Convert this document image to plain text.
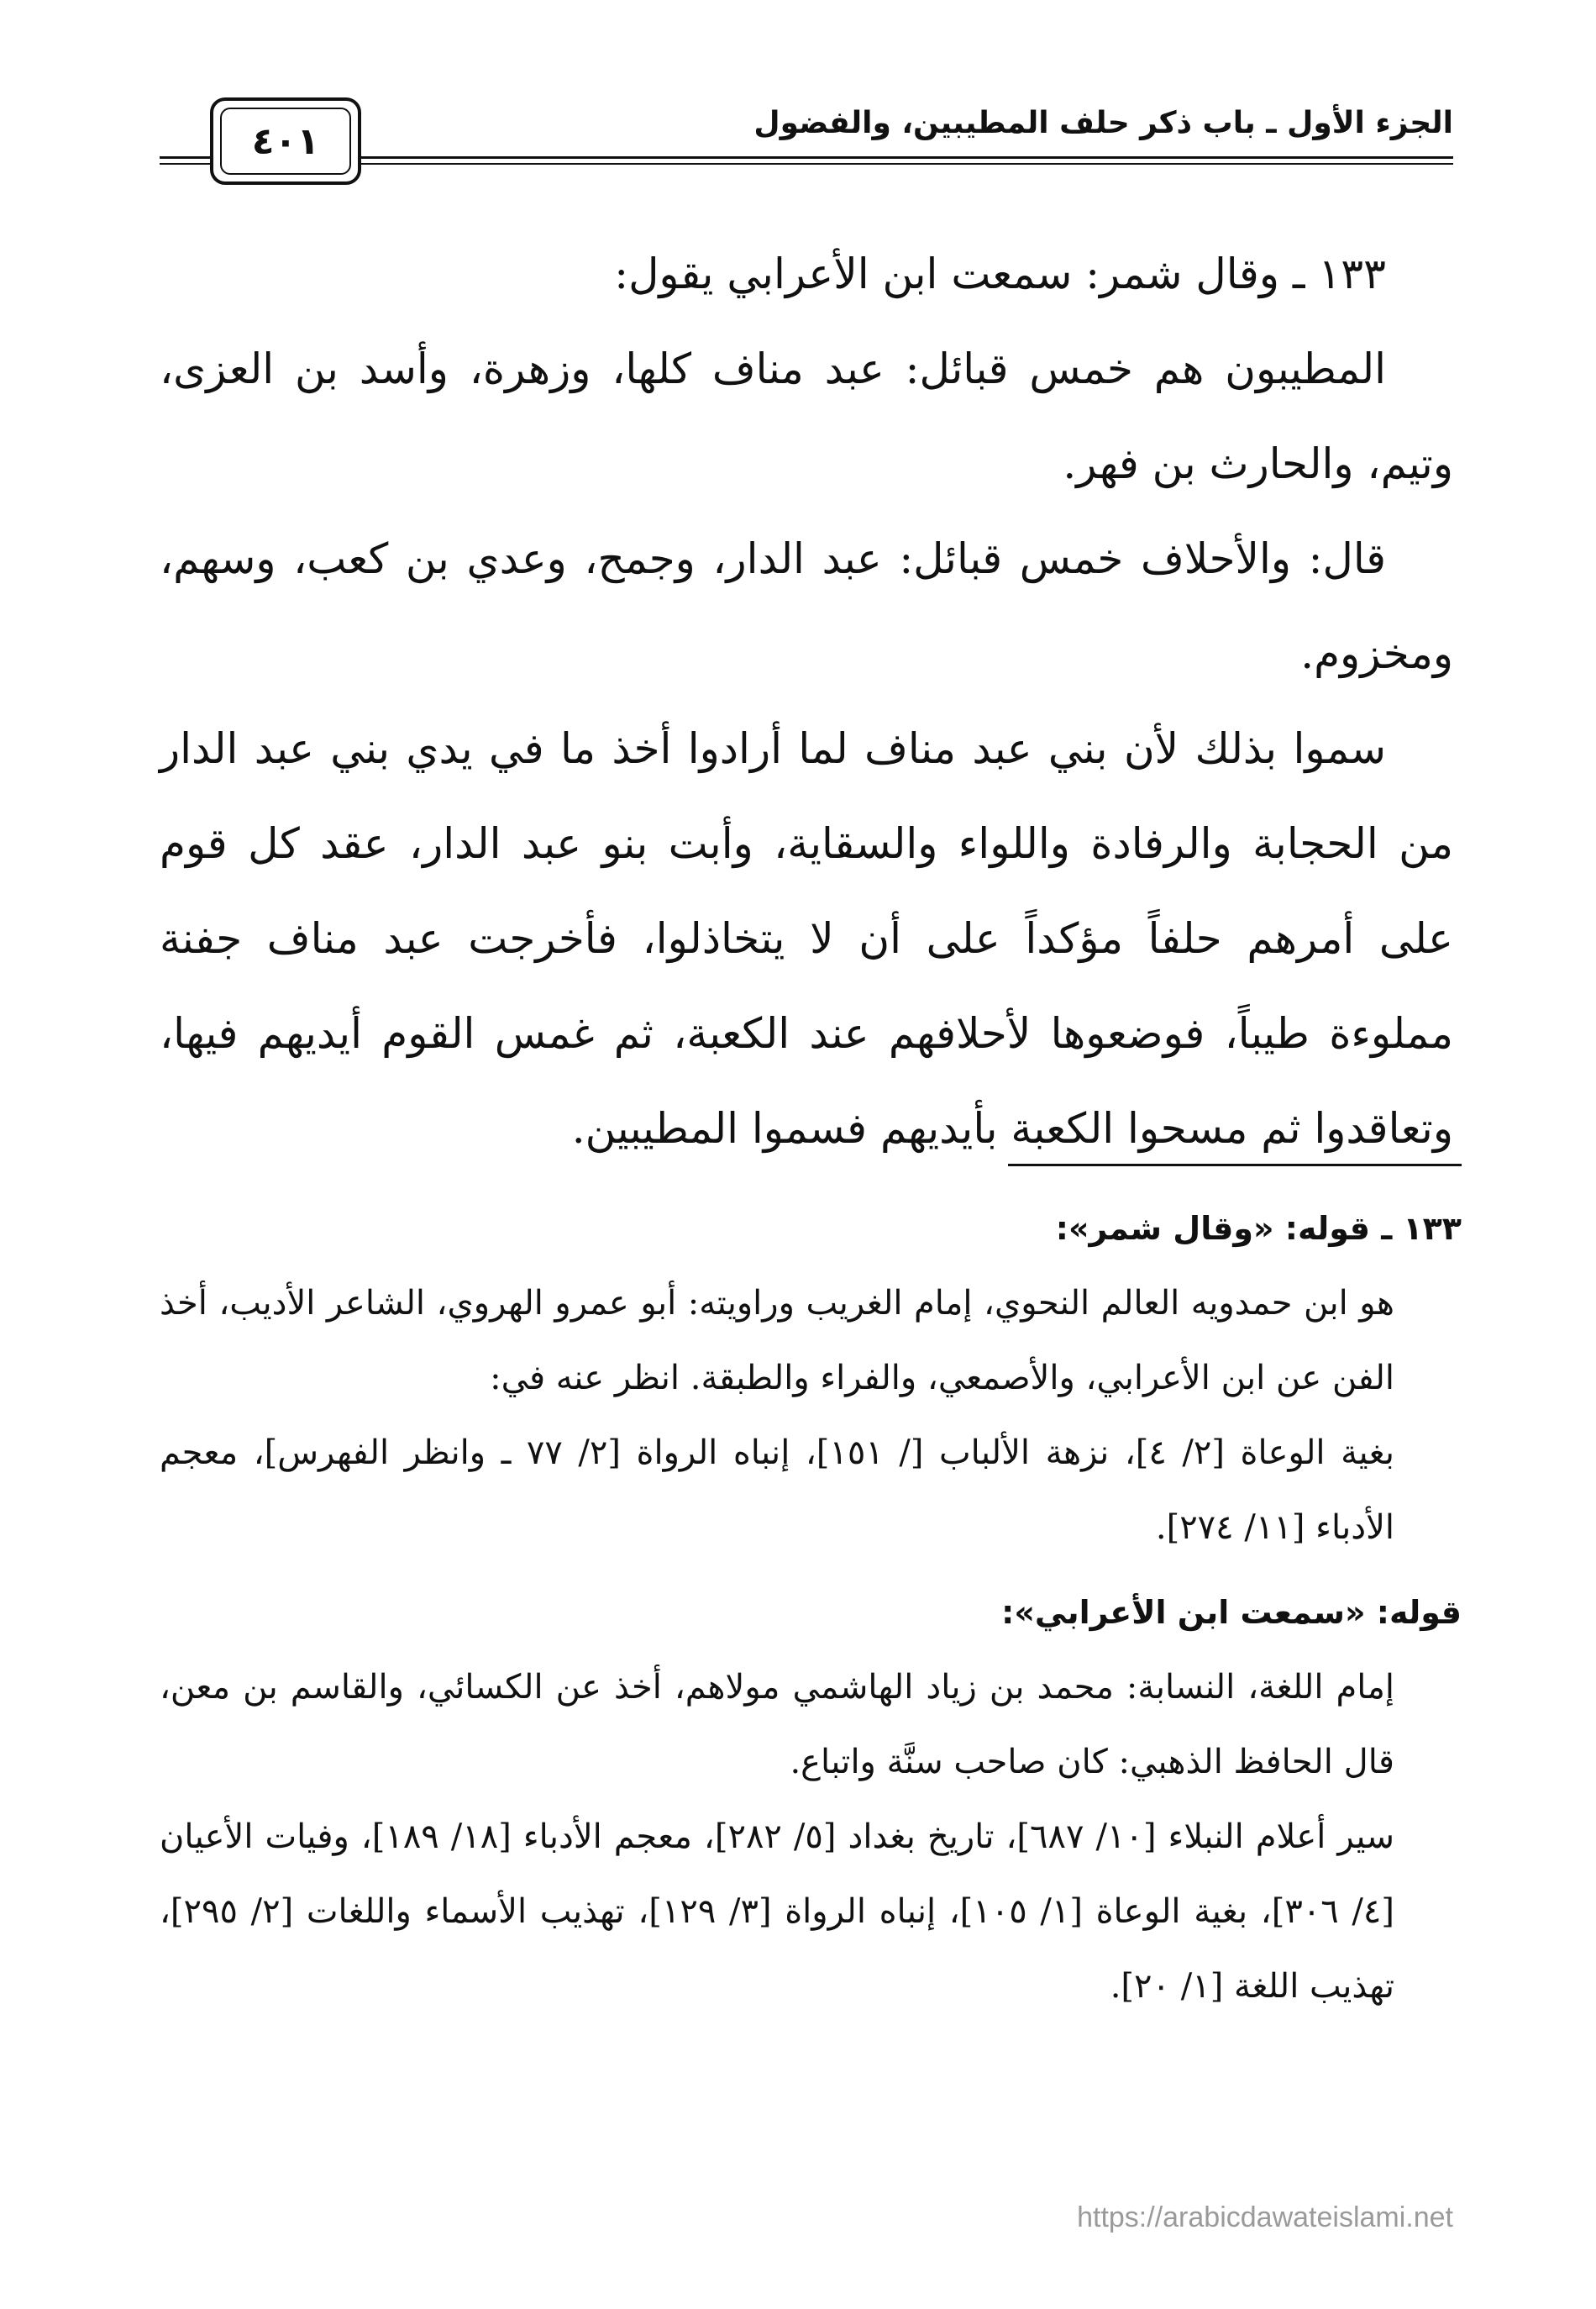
الجزء الأول ـ باب ذكر حلف المطيبين، والفضول
٤٠١

١٣٣ ـ وقال شمر: سمعت ابن الأعرابي يقول:

المطيبون هم خمس قبائل: عبد مناف كلها، وزهرة، وأسد بن العزى، وتيم، والحارث بن فهر.

قال: والأحلاف خمس قبائل: عبد الدار، وجمح، وعدي بن كعب، وسهم، ومخزوم.

سموا بذلك لأن بني عبد مناف لما أرادوا أخذ ما في يدي بني عبد الدار من الحجابة والرفادة واللواء والسقاية، وأبت بنو عبد الدار، عقد كل قوم على أمرهم حلفاً مؤكداً على أن لا يتخاذلوا، فأخرجت عبد مناف جفنة مملوءة طيباً، فوضعوها لأحلافهم عند الكعبة، ثم غمس القوم أيديهم فيها، وتعاقدوا ثم مسحوا الكعبة بأيديهم فسموا المطيبين.

١٣٣ ـ قوله: «وقال شمر»:

هو ابن حمدويه العالم النحوي، إمام الغريب وراويته: أبو عمرو الهروي، الشاعر الأديب، أخذ الفن عن ابن الأعرابي، والأصمعي، والفراء والطبقة. انظر عنه في:

بغية الوعاة [٢/ ٤]، نزهة الألباب [/ ١٥١]، إنباه الرواة [٢/ ٧٧ ـ وانظر الفهرس]، معجم الأدباء [١١/ ٢٧٤].

قوله: «سمعت ابن الأعرابي»:

إمام اللغة، النسابة: محمد بن زياد الهاشمي مولاهم، أخذ عن الكسائي، والقاسم بن معن، قال الحافظ الذهبي: كان صاحب سنَّة واتباع.

سير أعلام النبلاء [١٠/ ٦٨٧]، تاريخ بغداد [٥/ ٢٨٢]، معجم الأدباء [١٨/ ١٨٩]، وفيات الأعيان [٤/ ٣٠٦]، بغية الوعاة [١/ ١٠٥]، إنباه الرواة [٣/ ١٢٩]، تهذيب الأسماء واللغات [٢/ ٢٩٥]، تهذيب اللغة [١/ ٢٠].

https://arabicdawateislami.net
